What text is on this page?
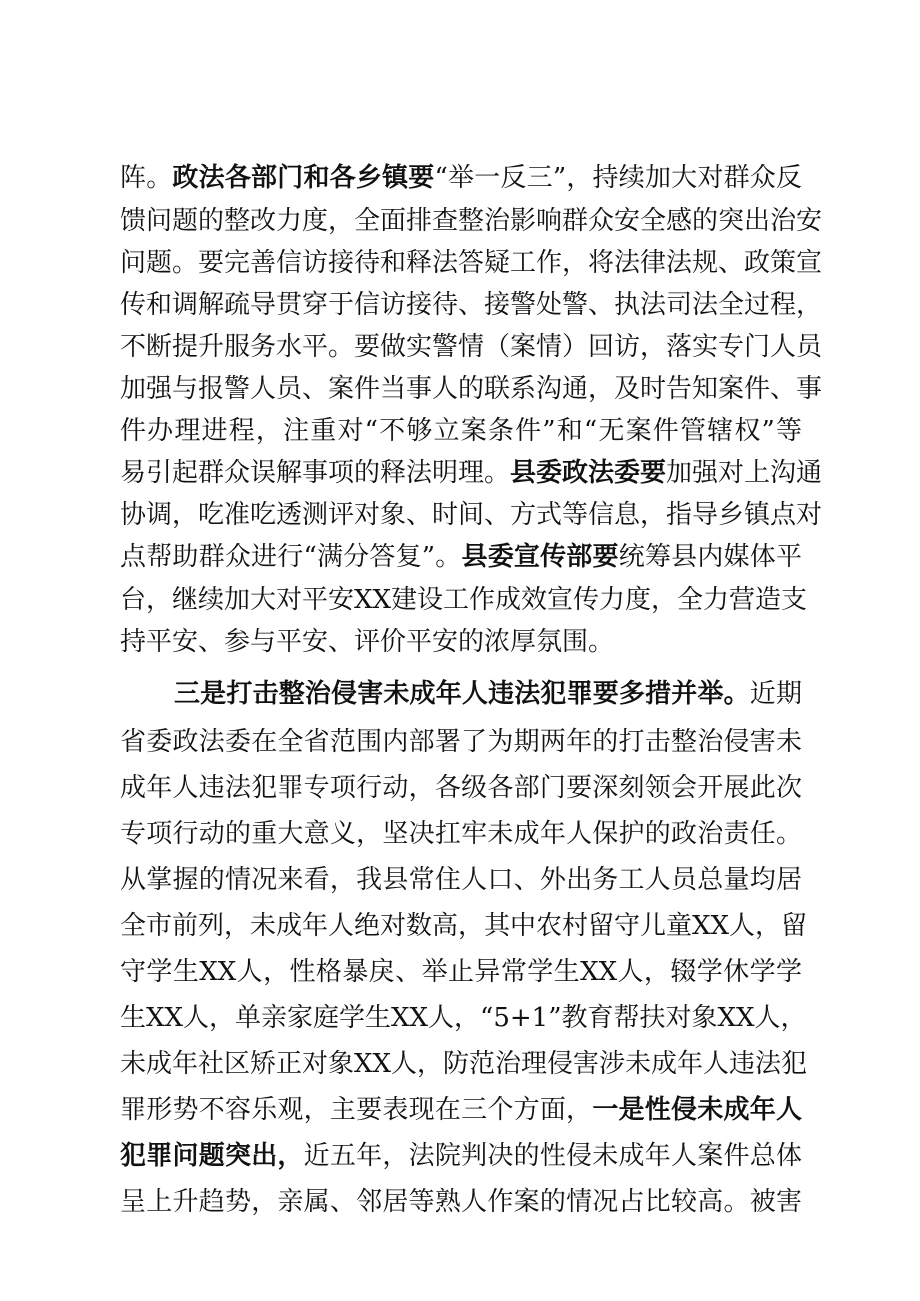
阵。政法各部门和各乡镇要“举一反三”，持续加大对群众反
馈问题的整改力度，全面排查整治影响群众安全感的突出治安
问题。要完善信访接待和释法答疑工作，将法律法规、政策宣
传和调解疏导贯穿于信访接待、接警处警、执法司法全过程，
不断提升服务水平。要做实警情（案情）回访，落实专门人员
加强与报警人员、案件当事人的联系沟通，及时告知案件、事
件办理进程，注重对“不够立案条件”和“无案件管辖权”等
易引起群众误解事项的释法明理。县委政法委要加强对上沟通
协调，吃准吃透测评对象、时间、方式等信息，指导乡镇点对
点帮助群众进行“满分答复”。县委宣传部要统筹县内媒体平
台，继续加大对平安XX建设工作成效宣传力度，全力营造支
持平安、参与平安、评价平安的浓厚氛围。
三是打击整治侵害未成年人违法犯罪要多措并举。近期
省委政法委在全省范围内部署了为期两年的打击整治侵害未
成年人违法犯罪专项行动，各级各部门要深刻领会开展此次
专项行动的重大意义，坚决扛牢未成年人保护的政治责任。
从掌握的情况来看，我县常住人口、外出务工人员总量均居
全市前列，未成年人绝对数高，其中农村留守儿童XX人，留
守学生XX人，性格暴戾、举止异常学生XX人，辍学休学学
生XX人，单亲家庭学生XX人，“5+1”教育帮扶对象XX人，
未成年社区矫正对象XX人，防范治理侵害涉未成年人违法犯
罪形势不容乐观，主要表现在三个方面，一是性侵未成年人
犯罪问题突出，近五年，法院判决的性侵未成年人案件总体
呈上升趋势，亲属、邻居等熟人作案的情况占比较高。被害
